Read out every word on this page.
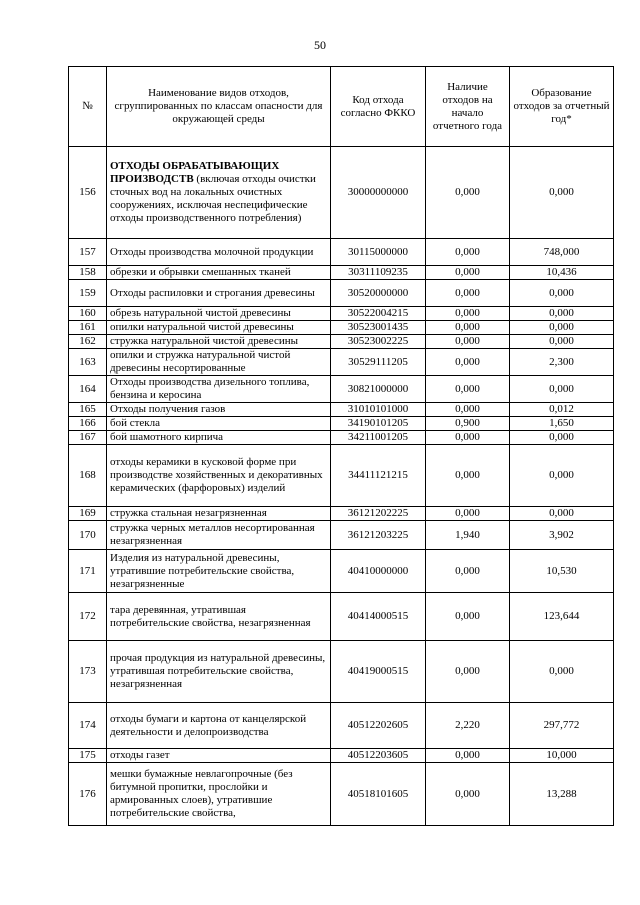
50
№	Наименование видов отходов, сгруппированных по классам опасности для окружающей среды	Код отхода согласно ФККО	Наличие отходов на начало отчетного года	Образование отходов за отчетный год*
156	ОТХОДЫ ОБРАБАТЫВАЮЩИХ ПРОИЗВОДСТВ (включая отходы очистки сточных вод на локальных очистных сооружениях, исключая неспецифические отходы производственного потребления)	30000000000	0,000	0,000
157	Отходы производства молочной продукции	30115000000	0,000	748,000
158	обрезки и обрывки смешанных тканей	30311109235	0,000	10,436
159	Отходы распиловки и строгания древесины	30520000000	0,000	0,000
160	обрезь натуральной чистой древесины	30522004215	0,000	0,000
161	опилки натуральной чистой древесины	30523001435	0,000	0,000
162	стружка натуральной чистой древесины	30523002225	0,000	0,000
163	опилки и стружка натуральной чистой древесины несортированные	30529111205	0,000	2,300
164	Отходы производства дизельного топлива, бензина и керосина	30821000000	0,000	0,000
165	Отходы получения газов	31010101000	0,000	0,012
166	бой стекла	34190101205	0,900	1,650
167	бой шамотного кирпича	34211001205	0,000	0,000
168	отходы керамики в кусковой форме при производстве хозяйственных и декоративных керамических (фарфоровых) изделий	34411121215	0,000	0,000
169	стружка стальная незагрязненная	36121202225	0,000	0,000
170	стружка черных металлов несортированная незагрязненная	36121203225	1,940	3,902
171	Изделия из натуральной древесины, утратившие потребительские свойства, незагрязненные	40410000000	0,000	10,530
172	тара деревянная, утратившая потребительские свойства, незагрязненная	40414000515	0,000	123,644
173	прочая продукция из натуральной древесины, утратившая потребительские свойства, незагрязненная	40419000515	0,000	0,000
174	отходы бумаги и картона от канцелярской деятельности и делопроизводства	40512202605	2,220	297,772
175	отходы газет	40512203605	0,000	10,000
176	мешки бумажные невлагопрочные (без битумной пропитки, прослойки и армированных слоев), утратившие потребительские свойства,	40518101605	0,000	13,288
